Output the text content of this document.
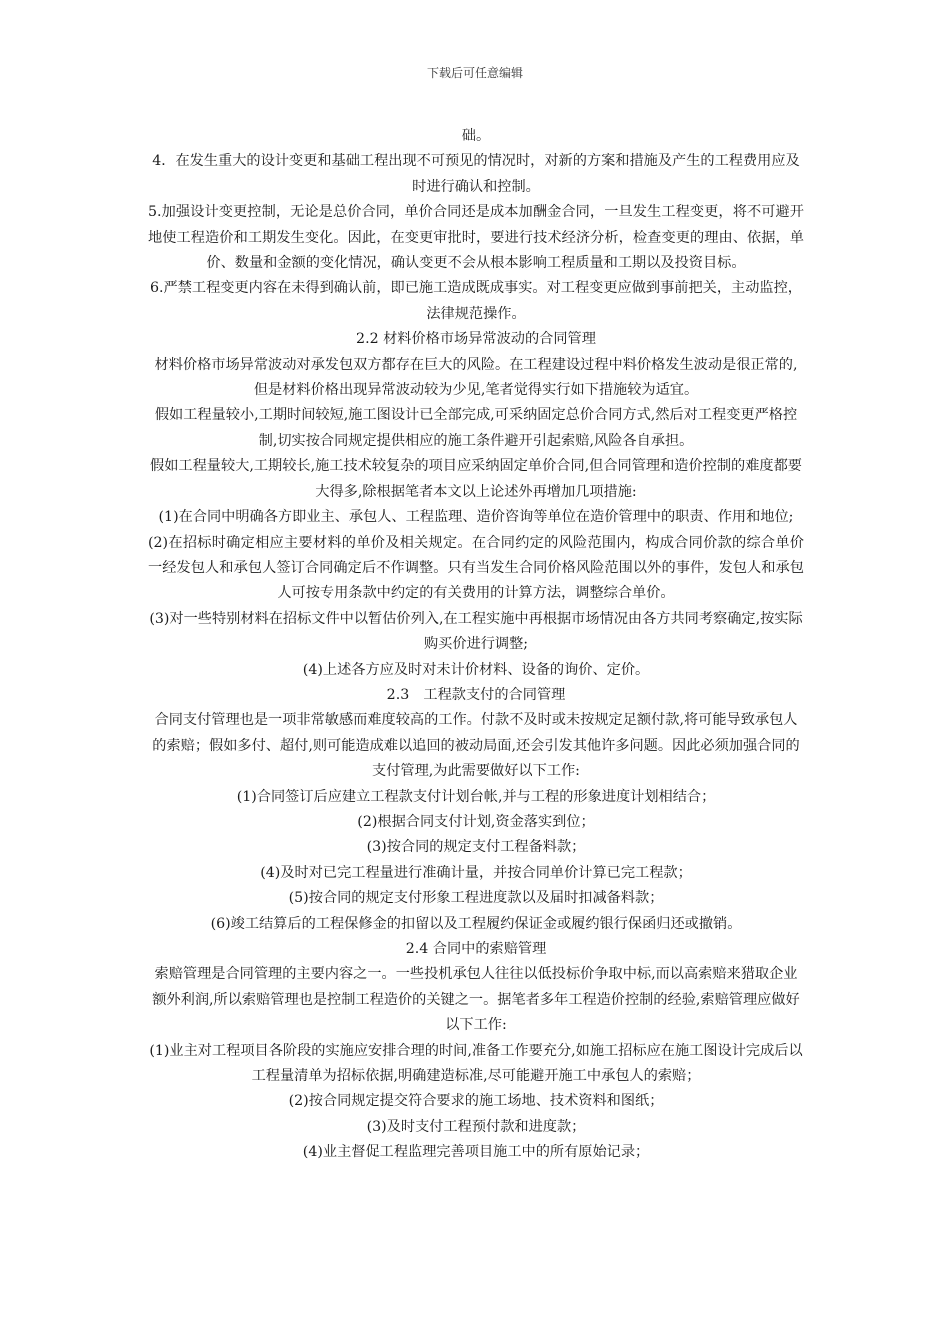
下载后可任意编辑

础。

4．在发生重大的设计变更和基础工程出现不可预见的情况时，对新的方案和措施及产生的工程费用应及时进行确认和控制。

5.加强设计变更控制，无论是总价合同，单价合同还是成本加酬金合同，一旦发生工程变更，将不可避开地使工程造价和工期发生变化。因此，在变更审批时，要进行技术经济分析，检查变更的理由、依据，单价、数量和金额的变化情况，确认变更不会从根本影响工程质量和工期以及投资目标。

6.严禁工程变更内容在未得到确认前，即已施工造成既成事实。对工程变更应做到事前把关，主动监控，法律规范操作。

2.2 材料价格市场异常波动的合同管理

材料价格市场异常波动对承发包双方都存在巨大的风险。在工程建设过程中料价格发生波动是很正常的,但是材料价格出现异常波动较为少见,笔者觉得实行如下措施较为适宜。

假如工程量较小,工期时间较短,施工图设计已全部完成,可采纳固定总价合同方式,然后对工程变更严格控制,切实按合同规定提供相应的施工条件避开引起索赔,风险各自承担。

假如工程量较大,工期较长,施工技术较复杂的项目应采纳固定单价合同,但合同管理和造价控制的难度都要大得多,除根据笔者本文以上论述外再增加几项措施:

(1)在合同中明确各方即业主、承包人、工程监理、造价咨询等单位在造价管理中的职责、作用和地位;

(2)在招标时确定相应主要材料的单价及相关规定。在合同约定的风险范围内，构成合同价款的综合单价一经发包人和承包人签订合同确定后不作调整。只有当发生合同价格风险范围以外的事件，发包人和承包人可按专用条款中约定的有关费用的计算方法，调整综合单价。

(3)对一些特别材料在招标文件中以暂估价列入,在工程实施中再根据市场情况由各方共同考察确定,按实际购买价进行调整;

(4)上述各方应及时对未计价材料、设备的询价、定价。

2.3　工程款支付的合同管理

合同支付管理也是一项非常敏感而难度较高的工作。付款不及时或未按规定足额付款,将可能导致承包人的索赔；假如多付、超付,则可能造成难以追回的被动局面,还会引发其他许多问题。因此必须加强合同的支付管理,为此需要做好以下工作:

(1)合同签订后应建立工程款支付计划台帐,并与工程的形象进度计划相结合；

(2)根据合同支付计划,资金落实到位；

(3)按合同的规定支付工程备料款；

(4)及时对已完工程量进行准确计量，并按合同单价计算已完工程款；

(5)按合同的规定支付形象工程进度款以及届时扣减备料款；

(6)竣工结算后的工程保修金的扣留以及工程履约保证金或履约银行保函归还或撤销。

2.4 合同中的索赔管理

索赔管理是合同管理的主要内容之一。一些投机承包人往往以低投标价争取中标,而以高索赔来猎取企业额外利润,所以索赔管理也是控制工程造价的关键之一。据笔者多年工程造价控制的经验,索赔管理应做好以下工作:

(1)业主对工程项目各阶段的实施应安排合理的时间,准备工作要充分,如施工招标应在施工图设计完成后以工程量清单为招标依据,明确建造标准,尽可能避开施工中承包人的索赔；

(2)按合同规定提交符合要求的施工场地、技术资料和图纸；

(3)及时支付工程预付款和进度款；

(4)业主督促工程监理完善项目施工中的所有原始记录；
